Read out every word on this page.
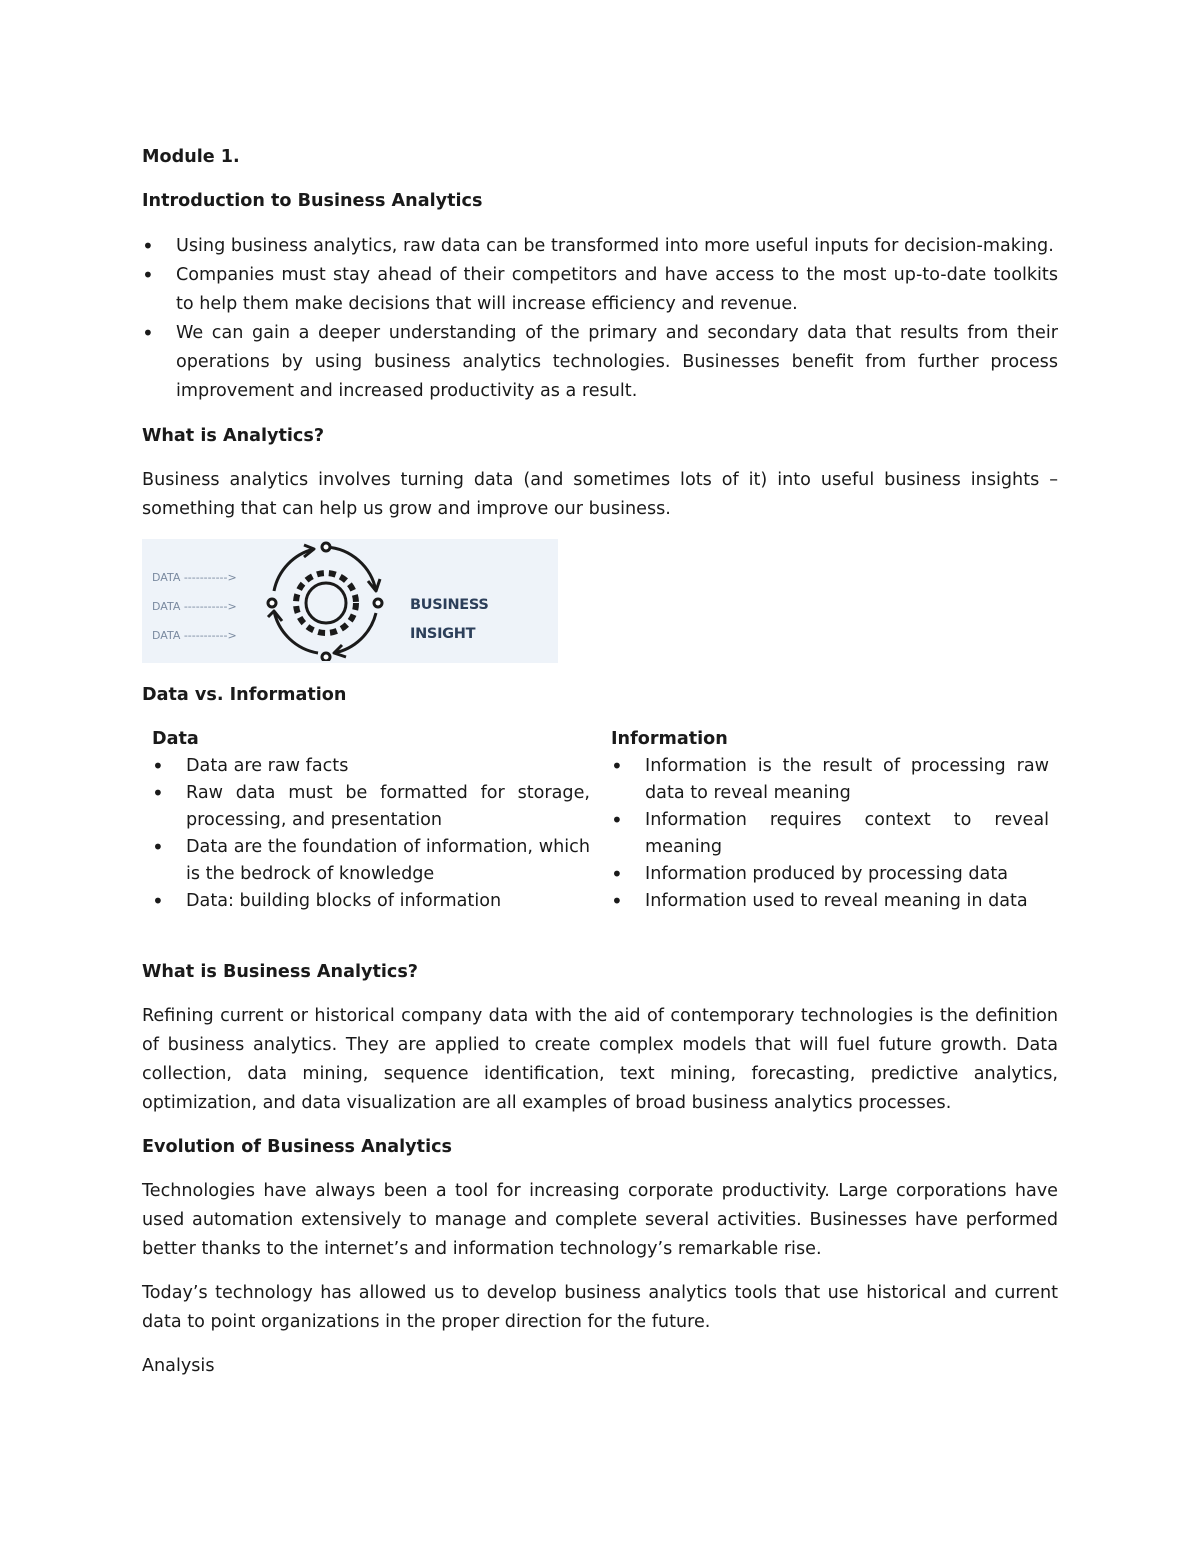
Module 1.

Introduction to Business Analytics

• Using business analytics, raw data can be transformed into more useful inputs for decision-making.
• Companies must stay ahead of their competitors and have access to the most up-to-date toolkits to help them make decisions that will increase efficiency and revenue.
• We can gain a deeper understanding of the primary and secondary data that results from their operations by using business analytics technologies. Businesses benefit from further process improvement and increased productivity as a result.

What is Analytics?

Business analytics involves turning data (and sometimes lots of it) into useful business insights – something that can help us grow and improve our business.

DATA ----------->
DATA ----------->
DATA ----------->
BUSINESS INSIGHT

Data vs. Information

Data

• Data are raw facts
• Raw data must be formatted for storage, processing, and presentation
• Data are the foundation of information, which is the bedrock of knowledge
• Data: building blocks of information

Information

• Information is the result of processing raw data to reveal meaning
• Information requires context to reveal meaning
• Information produced by processing data
• Information used to reveal meaning in data

What is Business Analytics?

Refining current or historical company data with the aid of contemporary technologies is the definition of business analytics. They are applied to create complex models that will fuel future growth. Data collection, data mining, sequence identification, text mining, forecasting, predictive analytics, optimization, and data visualization are all examples of broad business analytics processes.

Evolution of Business Analytics

Technologies have always been a tool for increasing corporate productivity. Large corporations have used automation extensively to manage and complete several activities. Businesses have performed better thanks to the internet’s and information technology’s remarkable rise.

Today’s technology has allowed us to develop business analytics tools that use historical and current data to point organizations in the proper direction for the future.

Analysis
